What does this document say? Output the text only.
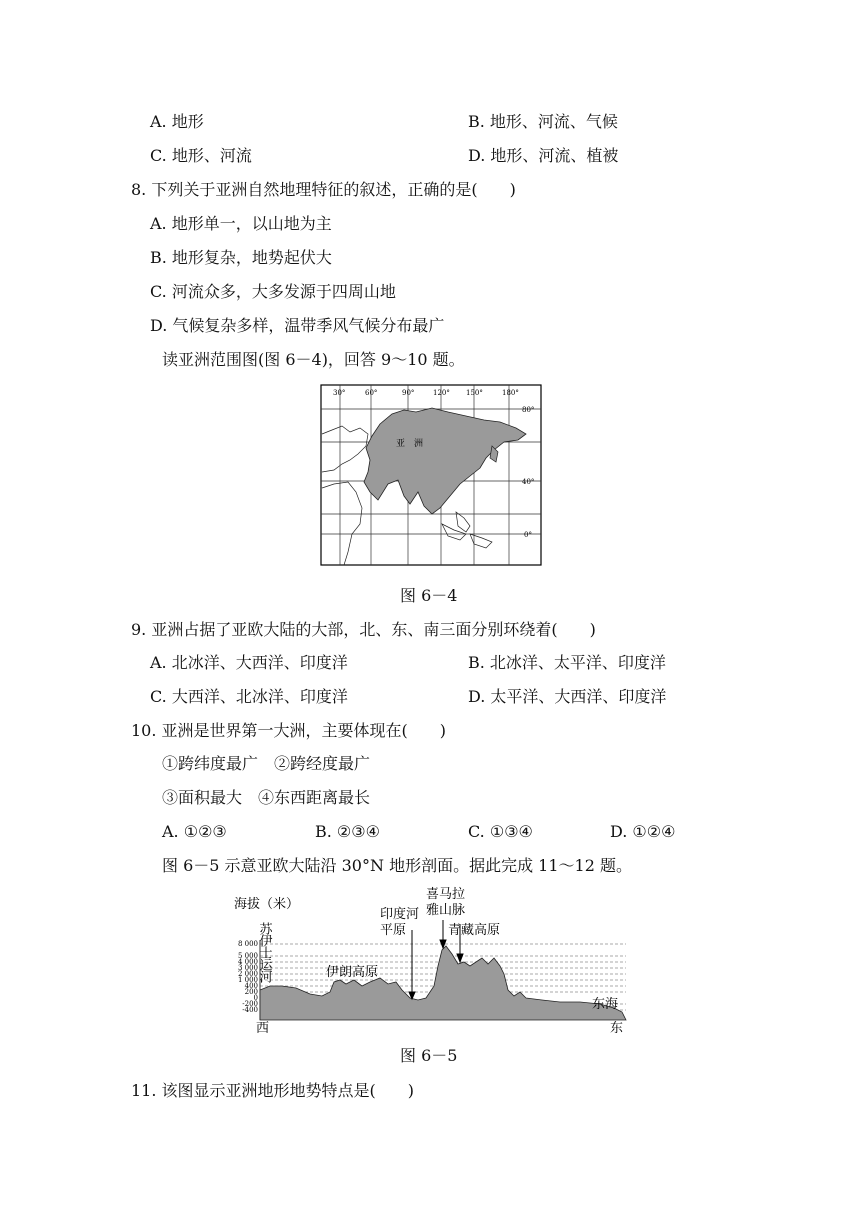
A. 地形	B. 地形、河流、气候
C. 地形、河流	D. 地形、河流、植被
8. 下列关于亚洲自然地理特征的叙述，正确的是(　　)
A. 地形单一，以山地为主
B. 地形复杂，地势起伏大
C. 河流众多，大多发源于四周山地
D. 气候复杂多样，温带季风气候分布最广
读亚洲范围图(图 6－4)，回答 9～10 题。
亚　洲
30°	60°	90°	120° 150°	180°
80°
40°
0°
图 6－4
9. 亚洲占据了亚欧大陆的大部，北、东、南三面分别环绕着(　　)
A. 北冰洋、大西洋、印度洋	B. 北冰洋、太平洋、印度洋
C. 大西洋、北冰洋、印度洋	D. 太平洋、大西洋、印度洋
10. 亚洲是世界第一大洲，主要体现在(　　)
①跨纬度最广　②跨经度最广
③面积最大　④东西距离最长
A. ①②③	B. ②③④	C. ①③④	D. ①②④
图 6－5 示意亚欧大陆沿 30°N 地形剖面。据此完成 11～12 题。
海拔（米）
8 000
5 000
4 000
3 000
2 000
1 000
400
200
0
-200
-400
苏伊士运河	伊朗高原
印度河
平原
喜马拉
雅山脉
青藏高原
东海
西	东
图 6－5
11. 该图显示亚洲地形地势特点是(　　)
